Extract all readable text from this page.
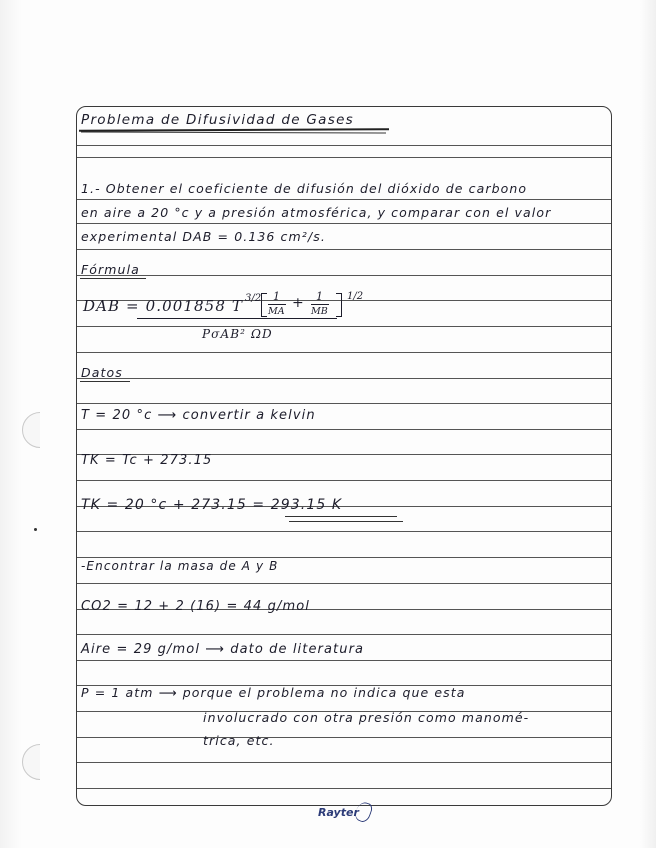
Problema de Difusividad de Gases
1.- Obtener el coeficiente de difusión del dióxido de carbono
en aire a 20 °c y a presión atmosférica, y comparar con el valor
experimental DAB = 0.136 cm²/s.
Fórmula
DAB = 0.001858 T 3/2 1
MA
+ 1
MB
1/2
PσAB² ΩD
Datos
T = 20 °c ⟶ convertir a kelvin
TK = Tc + 273.15
TK = 20 °c + 273.15 = 293.15 K
-Encontrar la masa de A y B
CO2 = 12 + 2 (16) = 44 g/mol
Aire = 29 g/mol ⟶ dato de literatura
P = 1 atm ⟶ porque el problema no indica que esta
involucrado con otra presión como manomé-
trica, etc.
Rayter
